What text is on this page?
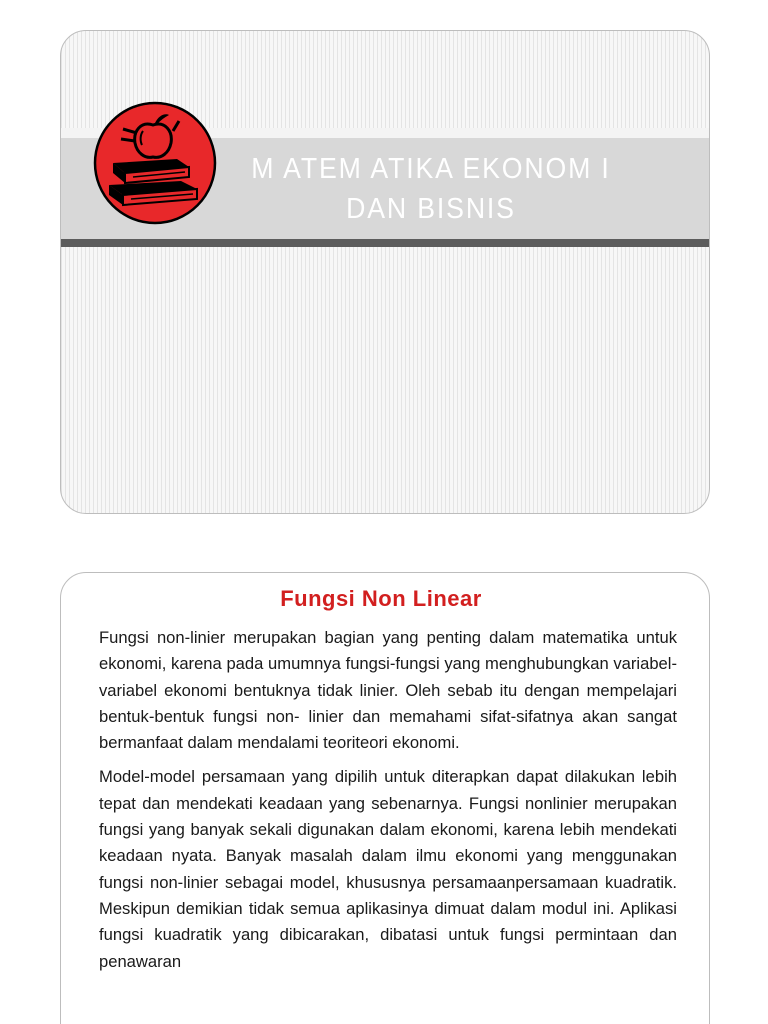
M ATEM ATIKA EKONOM I
DAN BISNIS
Fungsi Non Linear

Fungsi non-linier merupakan bagian yang penting dalam matematika untuk ekonomi, karena pada umumnya fungsi-fungsi yang menghubungkan variabel-variabel ekonomi bentuknya tidak linier. Oleh sebab itu dengan mempelajari bentuk-bentuk fungsi non- linier dan memahami sifat-sifatnya akan sangat bermanfaat dalam mendalami teoriteori ekonomi.

Model-model persamaan yang dipilih untuk diterapkan dapat dilakukan lebih tepat dan mendekati keadaan yang sebenarnya. Fungsi nonlinier merupakan fungsi yang banyak sekali digunakan dalam ekonomi, karena lebih mendekati keadaan nyata. Banyak masalah dalam ilmu ekonomi yang menggunakan fungsi non-linier sebagai model, khususnya persamaanpersamaan kuadratik. Meskipun demikian tidak semua aplikasinya dimuat dalam modul ini. Aplikasi fungsi kuadratik yang dibicarakan, dibatasi untuk fungsi permintaan dan penawaran
